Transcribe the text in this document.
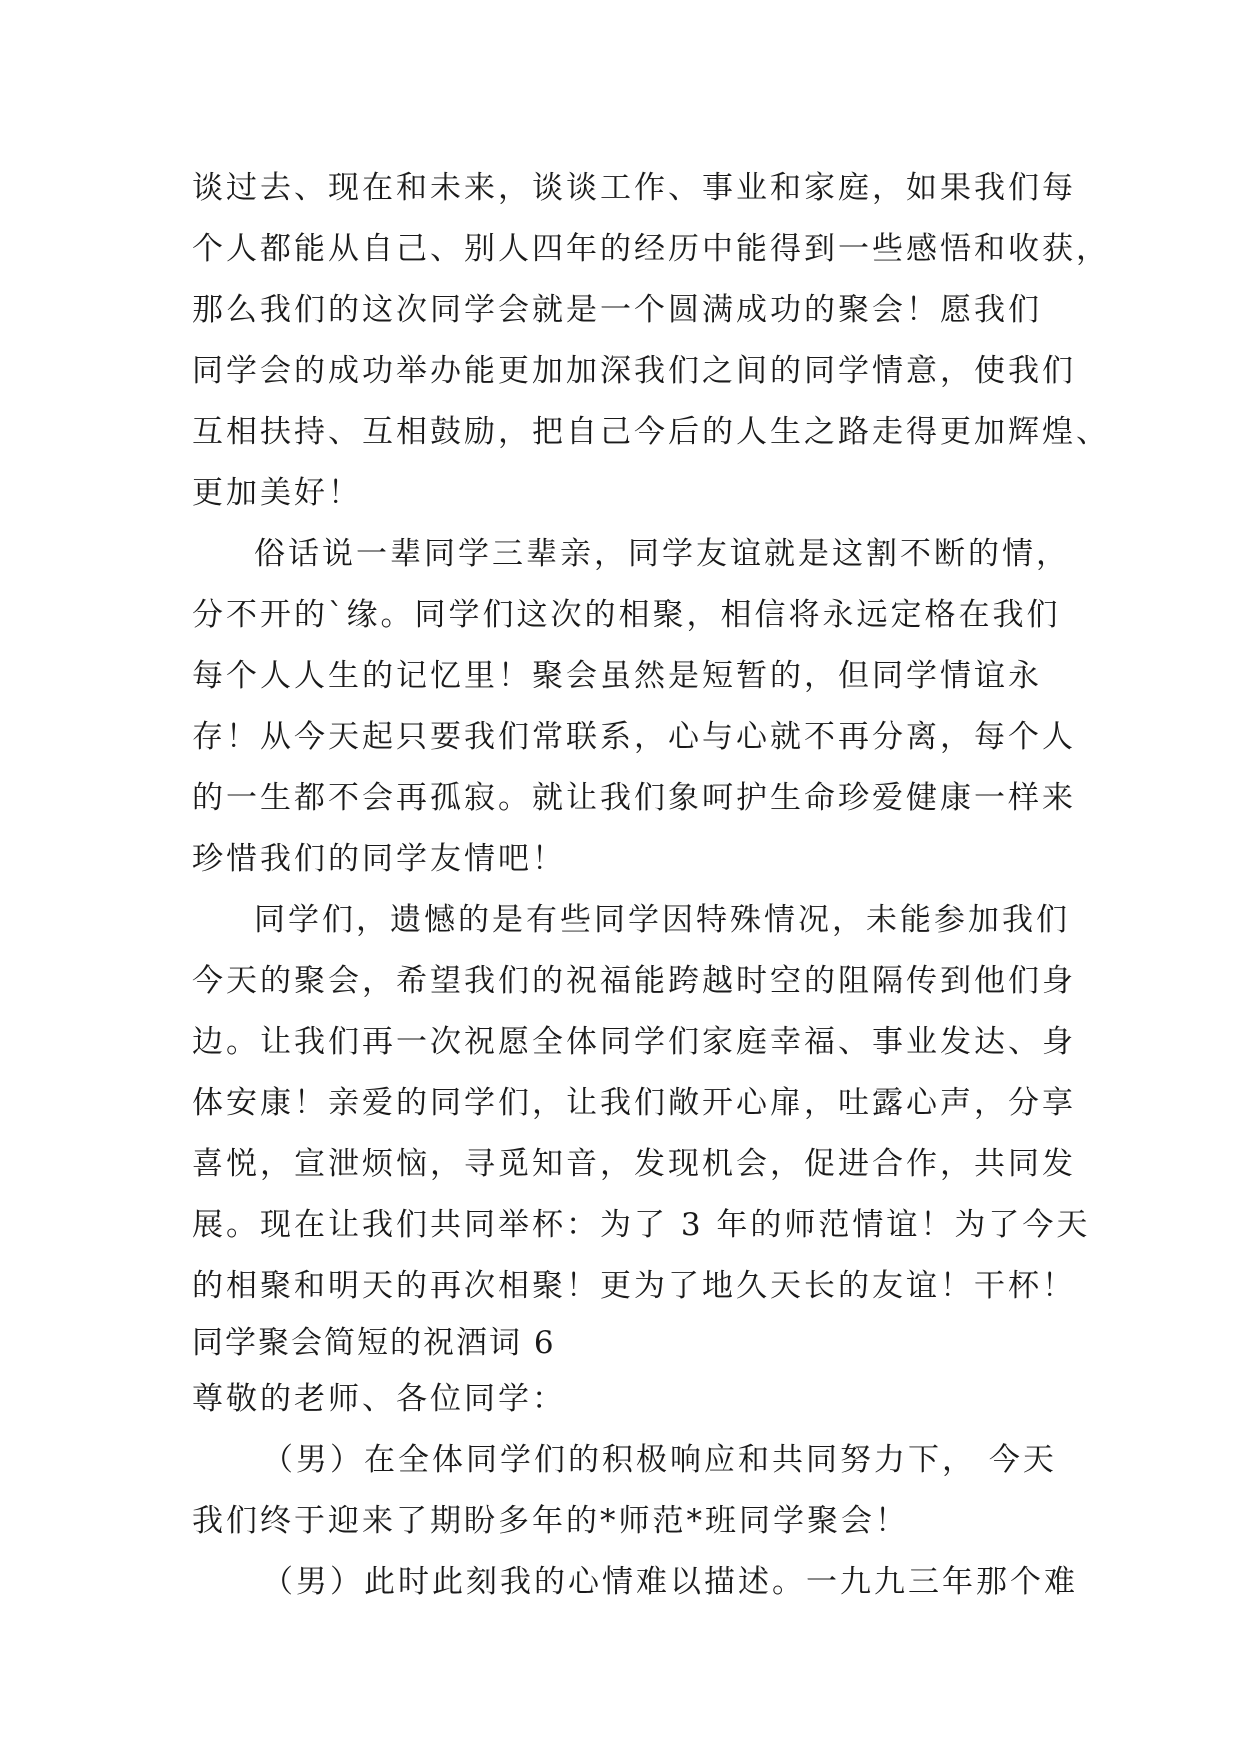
谈过去、现在和未来，谈谈工作、事业和家庭，如果我们每
个人都能从自己、别人四年的经历中能得到一些感悟和收获，
那么我们的这次同学会就是一个圆满成功的聚会！愿我们
同学会的成功举办能更加加深我们之间的同学情意，使我们
互相扶持、互相鼓励，把自己今后的人生之路走得更加辉煌、
更加美好！
俗话说一辈同学三辈亲，同学友谊就是这割不断的情，
分不开的`缘。同学们这次的相聚，相信将永远定格在我们
每个人人生的记忆里！聚会虽然是短暂的，但同学情谊永
存！从今天起只要我们常联系，心与心就不再分离，每个人
的一生都不会再孤寂。就让我们象呵护生命珍爱健康一样来
珍惜我们的同学友情吧！
同学们，遗憾的是有些同学因特殊情况，未能参加我们
今天的聚会，希望我们的祝福能跨越时空的阻隔传到他们身
边。让我们再一次祝愿全体同学们家庭幸福、事业发达、身
体安康！亲爱的同学们，让我们敞开心扉，吐露心声，分享
喜悦，宣泄烦恼，寻觅知音，发现机会，促进合作，共同发
展。现在让我们共同举杯：为了 3 年的师范情谊！为了今天
的相聚和明天的再次相聚！更为了地久天长的友谊！干杯！
同学聚会简短的祝酒词 6
尊敬的老师、各位同学：
（男）在全体同学们的积极响应和共同努力下， 今天
我们终于迎来了期盼多年的*师范*班同学聚会！
（男）此时此刻我的心情难以描述。一九九三年那个难
